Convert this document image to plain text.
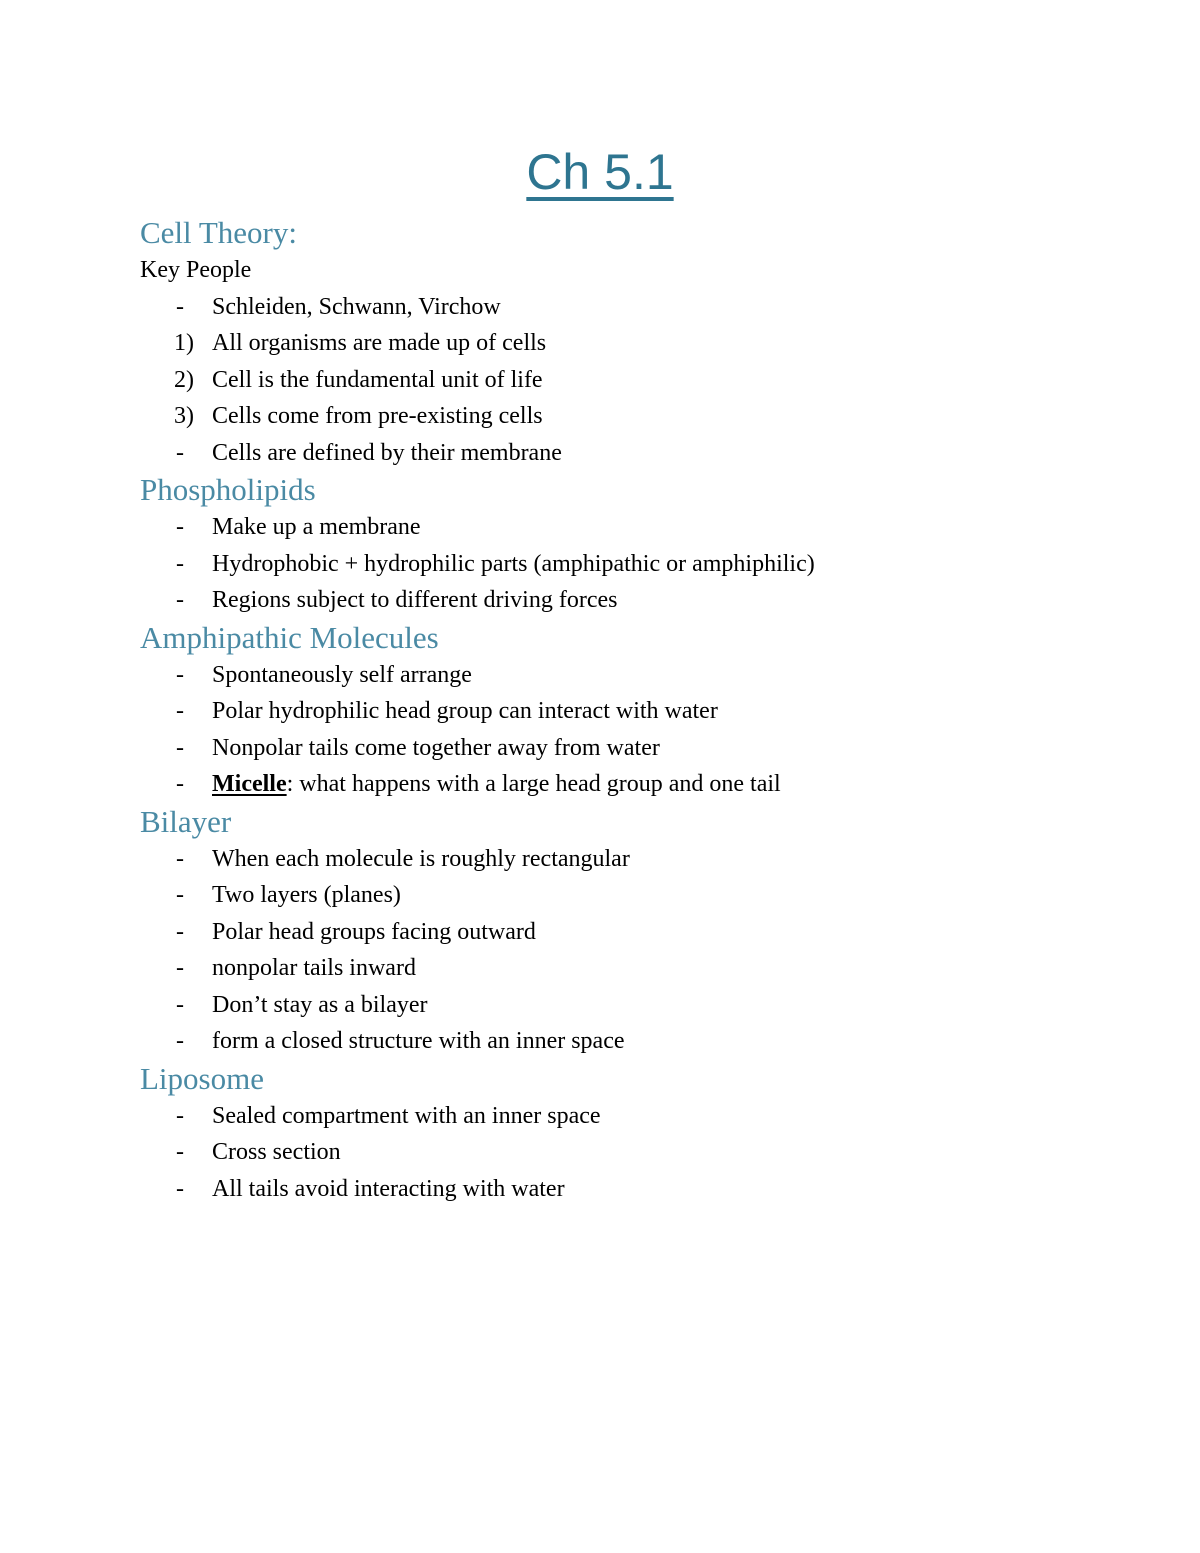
Ch 5.1

Cell Theory:

Key People

- Schleiden, Schwann, Virchow
1) All organisms are made up of cells
2) Cell is the fundamental unit of life
3) Cells come from pre-existing cells
- Cells are defined by their membrane

Phospholipids

- Make up a membrane
- Hydrophobic + hydrophilic parts (amphipathic or amphiphilic)
- Regions subject to different driving forces

Amphipathic Molecules

- Spontaneously self arrange
- Polar hydrophilic head group can interact with water
- Nonpolar tails come together away from water
- Micelle: what happens with a large head group and one tail

Bilayer

- When each molecule is roughly rectangular
- Two layers (planes)
- Polar head groups facing outward
- nonpolar tails inward
- Don’t stay as a bilayer
- form a closed structure with an inner space

Liposome

- Sealed compartment with an inner space
- Cross section
- All tails avoid interacting with water
